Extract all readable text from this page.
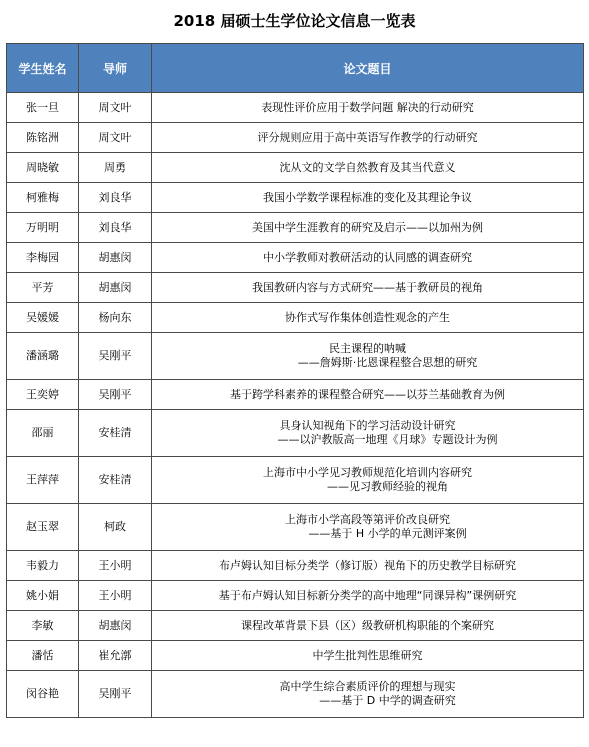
2018 届硕士生学位论文信息一览表
学生姓名	导师	论文题目
张一旦	周文叶	表现性评价应用于数学问题 解决的行动研究

陈铭洲	周文叶	评分规则应用于高中英语写作教学的行动研究

周晓敏	周勇	沈从文的文学自然教育及其当代意义

柯雅梅	刘良华	我国小学数学课程标准的变化及其理论争议

万明明	刘良华	美国中学生涯教育的研究及启示——以加州为例

李梅园	胡惠闵	中小学教师对教研活动的认同感的调查研究

平芳	胡惠闵	我国教研内容与方式研究——基于教研员的视角

吴媛媛	杨向东	协作式写作集体创造性观念的产生

潘涵璐	吴刚平	民主课程的呐喊
——詹姆斯·比恩课程整合思想的研究

王奕婷	吴刚平	基于跨学科素养的课程整合研究——以芬兰基础教育为例

邵丽	安桂清	具身认知视角下的学习活动设计研究
——以沪教版高一地理《月球》专题设计为例

王萍萍	安桂清	上海市中小学见习教师规范化培训内容研究
——见习教师经验的视角

赵玉翠	柯政	上海市小学高段等第评价改良研究
——基于 H 小学的单元测评案例

韦毅力	王小明	布卢姆认知目标分类学（修订版）视角下的历史教学目标研究

姚小娟	王小明	基于布卢姆认知目标新分类学的高中地理“同课异构”课例研究

李敏	胡惠闵	课程改革背景下县（区）级教研机构职能的个案研究

潘恬	崔允漷	中学生批判性思维研究

闵谷艳	吴刚平	高中学生综合素质评价的理想与现实
——基于 D 中学的调查研究
